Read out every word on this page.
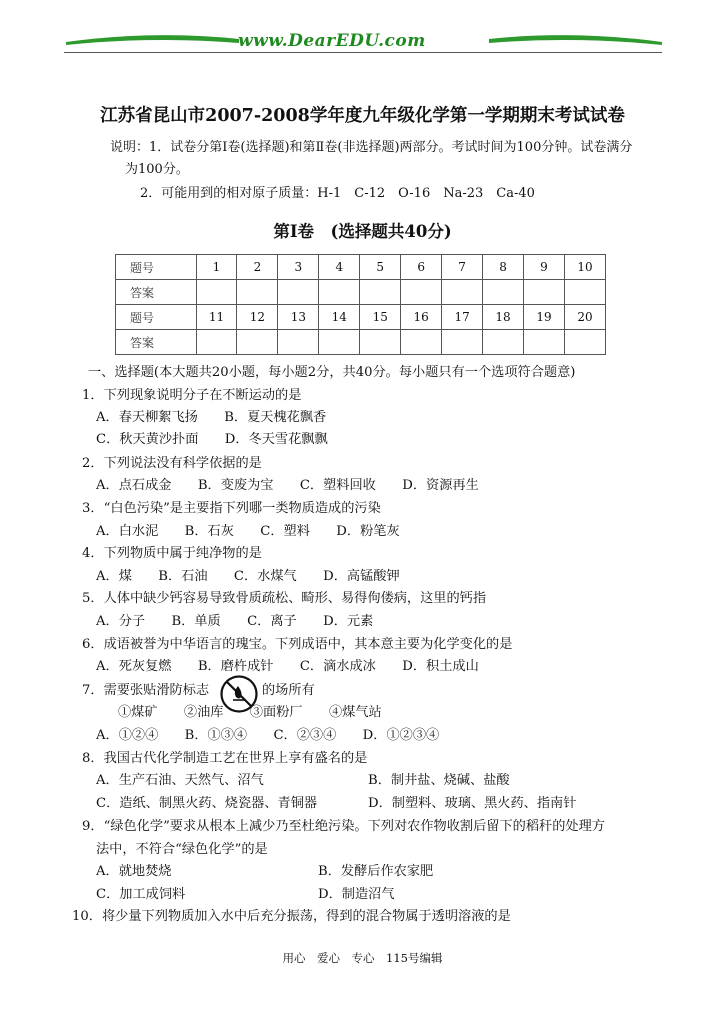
www.DearEDU.com
江苏省昆山市2007-2008学年度九年级化学第一学期期末考试试卷
说明：1．试卷分第Ⅰ卷(选择题)和第Ⅱ卷(非选择题)两部分。考试时间为100分钟。试卷满分
为100分。
2．可能用到的相对原子质量：H-1　C-12　O-16　Na-23　Ca-40
第Ⅰ卷　(选择题共40分)
题号	1	2	3	4	5	6	7	8	9	10
答案										
题号	11	12	13	14	15	16	17	18	19	20
答案										
一、选择题(本大题共20小题，每小题2分，共40分。每小题只有一个选项符合题意)
1．下列现象说明分子在不断运动的是
A．春天柳絮飞扬　　B．夏天槐花飘香
C．秋天黄沙扑面　　D．冬天雪花飘飘
2．下列说法没有科学依据的是
A．点石成金　　B．变废为宝　　C．塑料回收　　D．资源再生
3．“白色污染”是主要指下列哪一类物质造成的污染
A．白水泥　　B．石灰　　C．塑料　　D．粉笔灰
4．下列物质中属于纯净物的是
A．煤　　B．石油　　C．水煤气　　D．高锰酸钾
5．人体中缺少钙容易导致骨质疏松、畸形、易得佝偻病，这里的钙指
A．分子　　B．单质　　C．离子　　D．元素
6．成语被誉为中华语言的瑰宝。下列成语中，其本意主要为化学变化的是
A．死灰复燃　　B．磨杵成针　　C．滴水成冰　　D．积土成山
7．需要张贴滑防标志	的场所有
①煤矿　　②油库　　③面粉厂　　④煤气站
A．①②④　　B．①③④　　C．②③④　　D．①②③④
8．我国古代化学制造工艺在世界上享有盛名的是
A．生产石油、天然气、沼气	B．制井盐、烧碱、盐酸
C．造纸、制黑火药、烧瓷器、青铜器	D．制塑料、玻璃、黑火药、指南针
9．“绿色化学”要求从根本上减少乃至杜绝污染。下列对农作物收割后留下的稻秆的处理方
法中，不符合“绿色化学”的是
A．就地焚烧	B．发酵后作农家肥
C．加工成饲料	D．制造沼气
10．将少量下列物质加入水中后充分振荡，得到的混合物属于透明溶液的是
用心　爱心　专心　115号编辑
